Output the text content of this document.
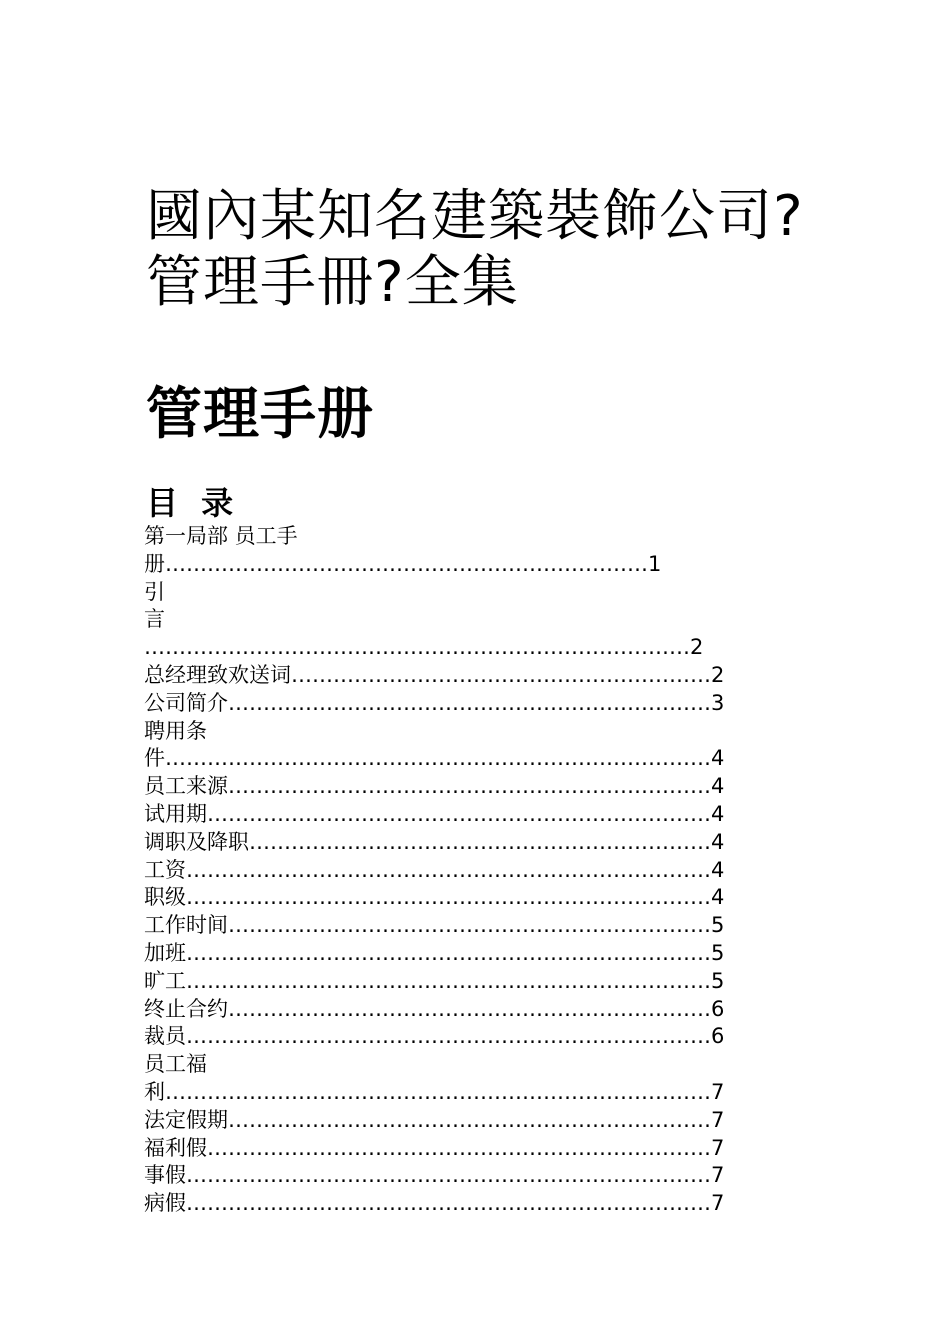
國內某知名建築裝飾公司?
管理手冊?全集
管理手册
目 录
第一局部 员工手
册……………………………………………………………1
引
言
……………………………………………………………………2
总经理致欢送词……………………………………………………2
公司简介……………………………………………………………3
聘用条
件……………………………………………………………………4
员工来源……………………………………………………………4
试用期………………………………………………………………4
调职及降职…………………………………………………………4
工资…………………………………………………………………4
职级…………………………………………………………………4
工作时间……………………………………………………………5
加班…………………………………………………………………5
旷工…………………………………………………………………5
终止合约……………………………………………………………6
裁员…………………………………………………………………6
员工福
利……………………………………………………………………7
法定假期……………………………………………………………7
福利假………………………………………………………………7
事假…………………………………………………………………7
病假…………………………………………………………………7
